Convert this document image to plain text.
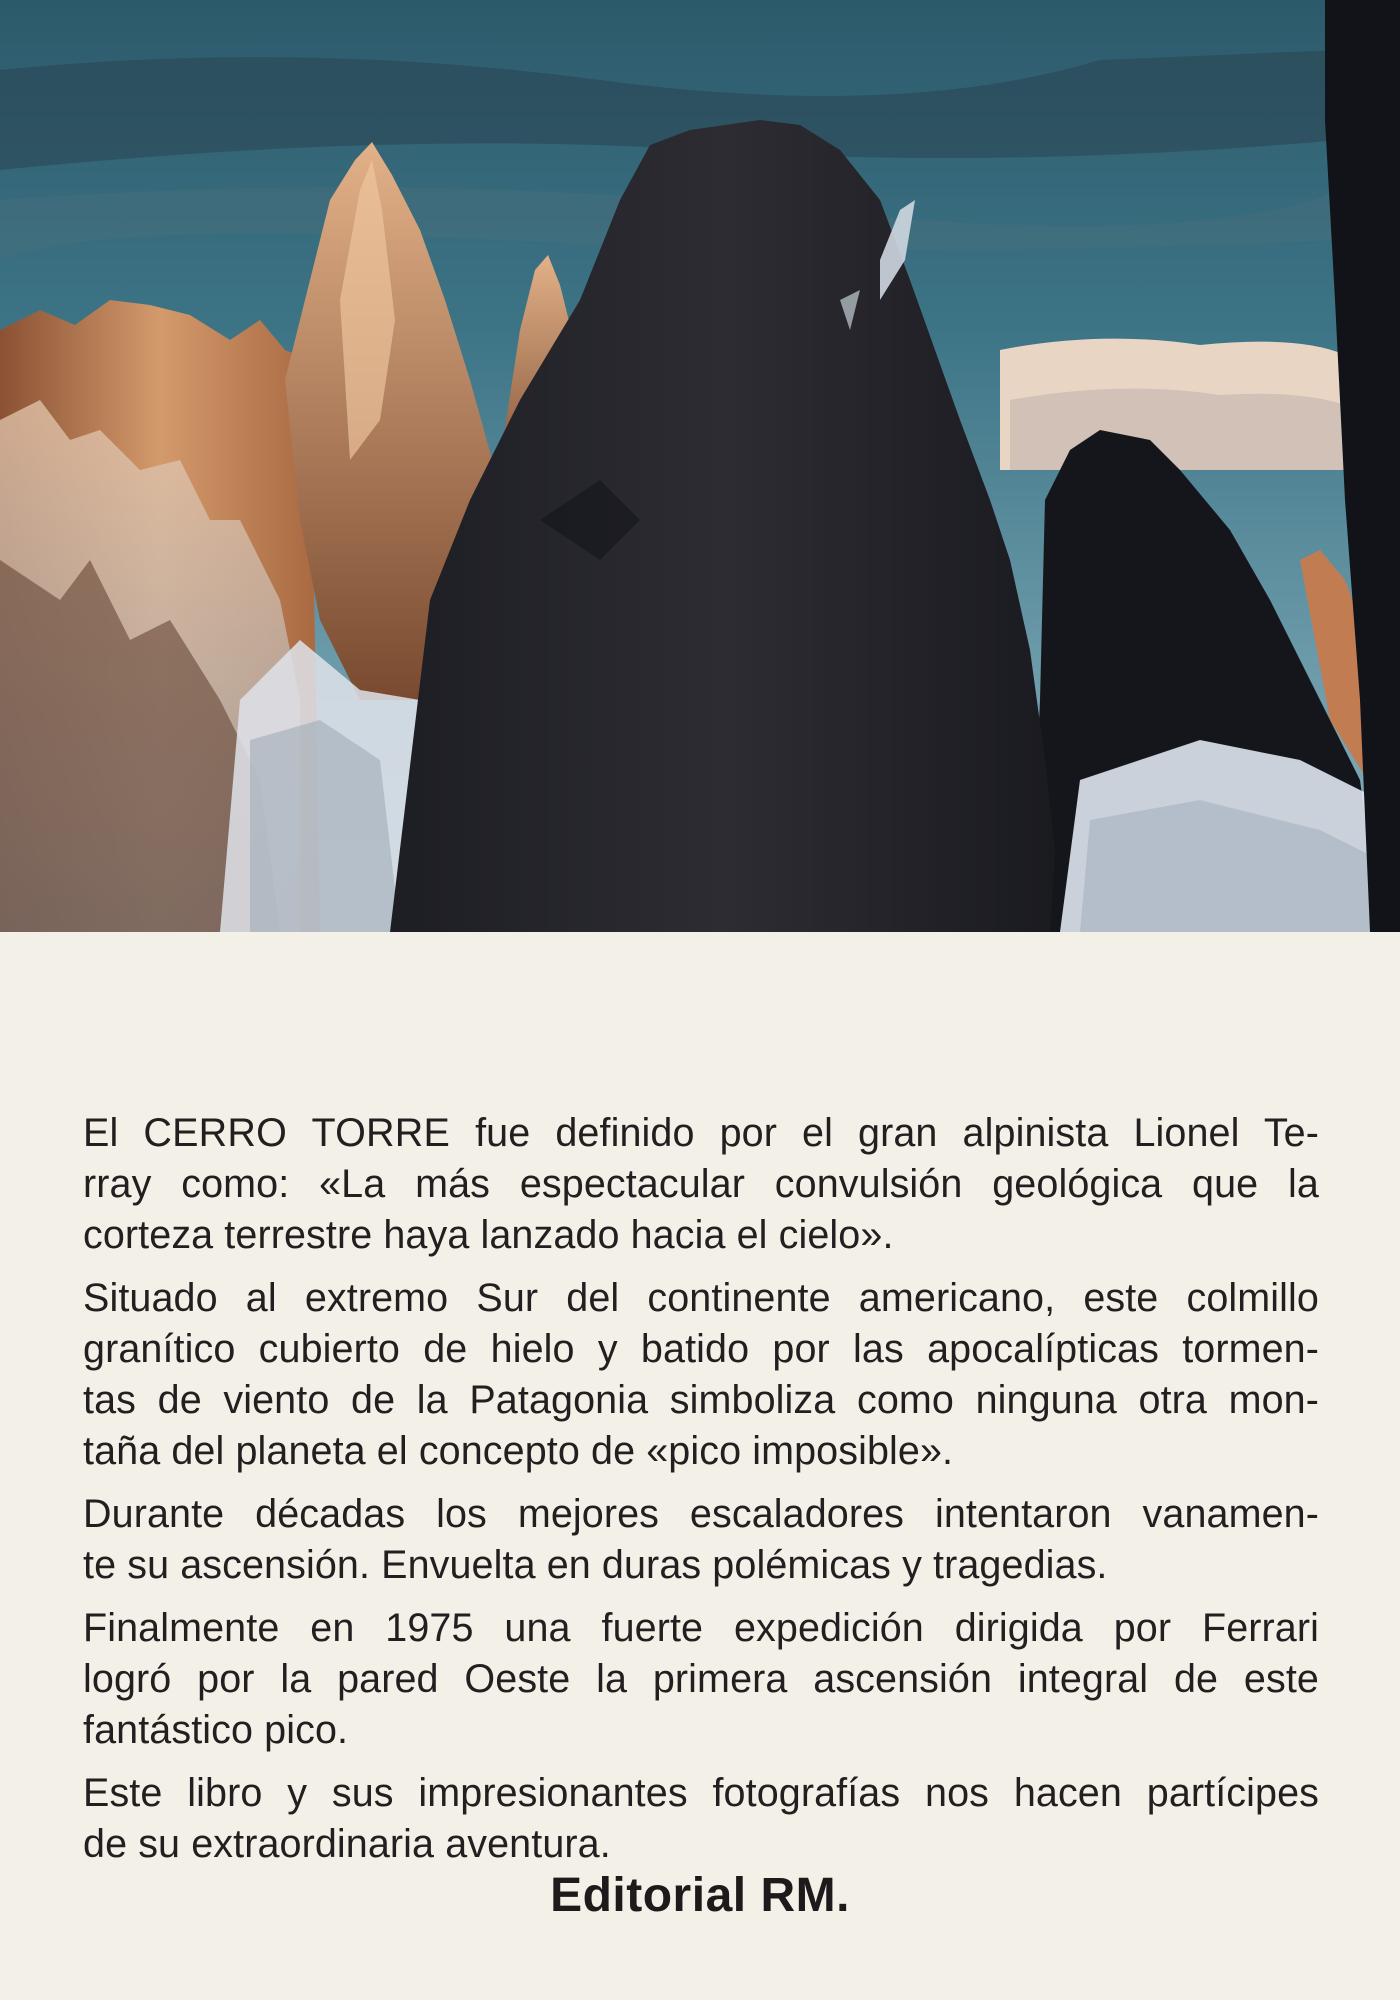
El CERRO TORRE fue definido por el gran alpinista Lionel Te-
rray como: «La más espectacular convulsión geológica que la
corteza terrestre haya lanzado hacia el cielo».

Situado al extremo Sur del continente americano, este colmillo
granítico cubierto de hielo y batido por las apocalípticas tormen-
tas de viento de la Patagonia simboliza como ninguna otra mon-
taña del planeta el concepto de «pico imposible».

Durante décadas los mejores escaladores intentaron vanamen-
te su ascensión. Envuelta en duras polémicas y tragedias.

Finalmente en 1975 una fuerte expedición dirigida por Ferrari
logró por la pared Oeste la primera ascensión integral de este
fantástico pico.

Este libro y sus impresionantes fotografías nos hacen partícipes
de su extraordinaria aventura.

Editorial RM.
